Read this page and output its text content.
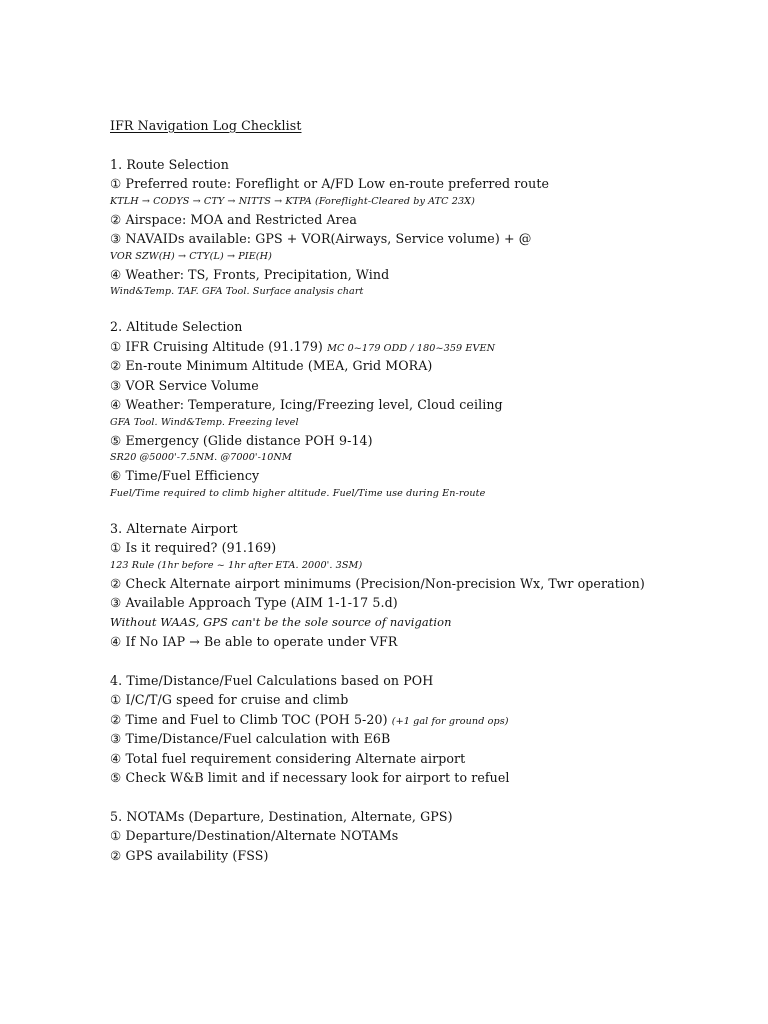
IFR Navigation Log Checklist
1. Route Selection
① Preferred route: Foreflight or A/FD Low en-route preferred route
KTLH → CODYS → CTY → NITTS → KTPA (Foreflight-Cleared by ATC 23X)
② Airspace: MOA and Restricted Area
③ NAVAIDs available: GPS + VOR(Airways, Service volume) + @
VOR SZW(H) → CTY(L) → PIE(H)
④ Weather: TS, Fronts, Precipitation, Wind
Wind&Temp. TAF. GFA Tool. Surface analysis chart
2. Altitude Selection
① IFR Cruising Altitude (91.179) MC 0~179 ODD / 180~359 EVEN
② En-route Minimum Altitude (MEA, Grid MORA)
③ VOR Service Volume
④ Weather: Temperature, Icing/Freezing level, Cloud ceiling
GFA Tool. Wind&Temp. Freezing level
⑤ Emergency (Glide distance POH 9-14)
SR20 @5000'-7.5NM. @7000'-10NM
⑥ Time/Fuel Efficiency
Fuel/Time required to climb higher altitude. Fuel/Time use during En-route
3. Alternate Airport
① Is it required? (91.169)
123 Rule (1hr before ~ 1hr after ETA. 2000'. 3SM)
② Check Alternate airport minimums (Precision/Non-precision Wx, Twr operation)
③ Available Approach Type (AIM 1-1-17 5.d)
Without WAAS, GPS can't be the sole source of navigation
④ If No IAP → Be able to operate under VFR
4. Time/Distance/Fuel Calculations based on POH
① I/C/T/G speed for cruise and climb
② Time and Fuel to Climb TOC (POH 5-20) (+1 gal for ground ops)
③ Time/Distance/Fuel calculation with E6B
④ Total fuel requirement considering Alternate airport
⑤ Check W&B limit and if necessary look for airport to refuel
5. NOTAMs (Departure, Destination, Alternate, GPS)
① Departure/Destination/Alternate NOTAMs
② GPS availability (FSS)
